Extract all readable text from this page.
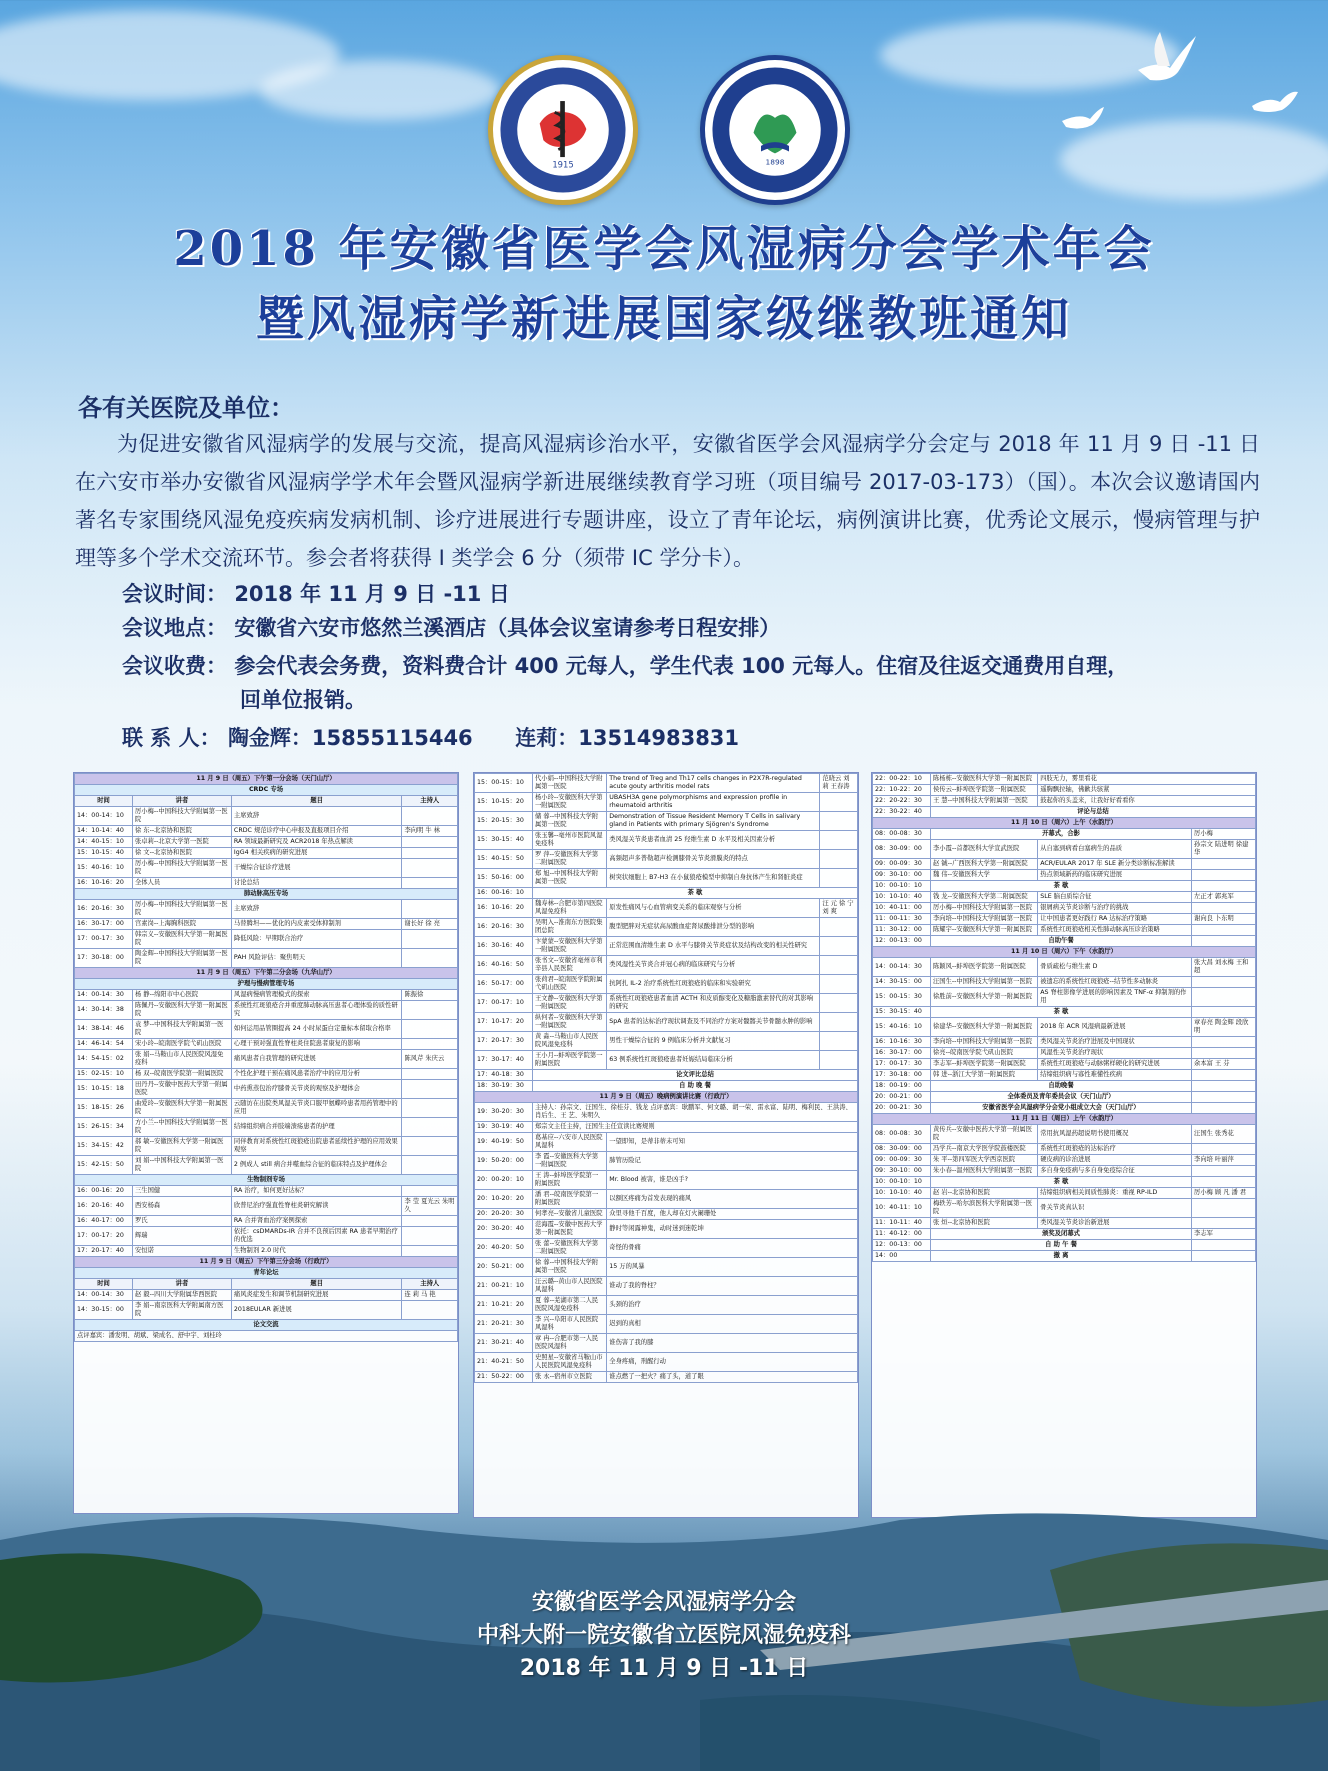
1915	1898
2018 年安徽省医学会风湿病分会学术年会
暨风湿病学新进展国家级继教班通知
各有关医院及单位：
为促进安徽省风湿病学的发展与交流，提高风湿病诊治水平，安徽省医学会风湿病学分会定与 2018 年 11 月 9 日 -11 日在六安市举办安徽省风湿病学学术年会暨风湿病学新进展继续教育学习班（项目编号 2017-03-173）（国）。本次会议邀请国内著名专家围绕风湿免疫疾病发病机制、诊疗进展进行专题讲座，设立了青年论坛，病例演讲比赛，优秀论文展示，慢病管理与护理等多个学术交流环节。参会者将获得 I 类学会 6 分（须带 IC 学分卡）。
会议时间： 2018 年 11 月 9 日 -11 日
会议地点： 安徽省六安市悠然兰溪酒店（具体会议室请参考日程安排）
会议收费： 参会代表会务费，资料费合计 400 元每人，学生代表 100 元每人。住宿及往返交通费用自理，
回单位报销。
联 系 人： 陶金辉：15855115446 连莉：13514983831
11 月 9 日（周五）下午第一分会场（天门山厅）			
CRDC 专场			
时间	讲者	题目	主持人
14：00-14：10	厉小梅--中国科技大学附属第一医院	主席致辞	
14：10-14：40	徐 东--北京协和医院	CRDC 规范诊疗中心申报及直报项目介绍	李向明 牛 林
14：40-15：10	张卓莉--北京大学第一医院	RA 领域最新研究及 ACR2018 年热点解读	
15：10-15：40	徐 文--北京协和医院	IgG4 相关疾病的研究进展	
15：40-16：10	厉小梅--中国科技大学附属第一医院	干燥综合征诊疗进展	
16：10-16：20	全体人员	讨论总结	
肺动脉高压专场			
16：20-16：30	厉小梅--中国科技大学附属第一医院	主席致辞	
16：30-17：00	宫素岗--上海胸科医院	马替腾坦——优化的内皮素受体抑制剂	谢长好 徐 亮
17：00-17：30	韩宗义--安徽医科大学第一附属医院	降低风险：早期联合治疗	
17：30-18：00	陶金辉--中国科技大学附属第一医院	PAH 风险评估：聚焦明天	
11 月 9 日（周五）下午第二分会场（九华山厅）			
护理与慢病管理专场			
14：00-14：30	杨 静--绵阳市中心医院	风湿病慢病管理模式的探索	陈振徐
14：30-14：38	陈佩丹--安徽医科大学第一附属医院	系统性红斑狼疮合并重度肺动脉高压患者心理体验的质性研究	
14：38-14：46	袁 梦--中国科技大学附属第一医院	如何运用品管圈提高 24 小时尿蛋白定量标本留取合格率	
14：46-14：54	宋小玲--皖南医学院弋矶山医院	心理干预对强直性脊柱炎住院患者康复的影响	
14：54-15：02	张 娟--马鞍山市人民医院风湿免疫科	痛风患者自我管理的研究进展	陈风芹 朱庆云
15：02-15：10	杨 双--皖南医学院第一附属医院	个性化护理干预在痛风患者治疗中的应用分析	
15：10-15：18	田丹丹--安徽中医药大学第一附属医院	中药熏蒸包治疗膝骨关节炎的观察及护理体会	
15：18-15：26	曲爱玲--安徽医科大学第一附属医院	云随访在出院类风湿关节炎口服甲氨蝶呤患者用药管理中的应用	
15：26-15：34	方小兰--中国科技大学附属第一医院	结缔组织病合并肢端溃疡患者的护理	
15：34-15：42	郝 敏--安徽医科大学第一附属医院	同伴教育对系统性红斑狼疮出院患者延续性护理的应用效果观察	
15：42-15：50	刘 娟--中国科技大学附属第一医院	2 例成人 still 病合并噬血综合征的临床特点及护理体会	
生物制剂专场			
16：00-16：20	三生国健	RA 治疗，如何更好达标？	
16：20-16：40	西安杨森	欣普尼治疗强直性脊柱炎研究解读	李 莹 夏光云 朱明久
16：40-17：00	罗氏	RA 合并肾血治疗案例探索	
17：00-17：20	辉瑞	依托：csDMARDs-IR 合并不良预后因素 RA 患者早期治疗的优选	
17：20-17：40	安恒诺	生物制剂 2.0 时代	
11 月 9 日（周五）下午第三分会场（行政厅）			
青年论坛			
时间	讲者	题目	主持人
14：00-14：30	赵 毅--四川大学附属华西医院	痛风炎症发生和调节机制研究进展	连 莉 马 艳
14：30-15：00	李 娟--南京医科大学附属南方医院	2018EULAR 新进展	
论文交流			
点评嘉宾：潘发明、胡斌、梁成名、舒中宇、刘桂玲			
15：00-15：10	代小娟--中国科技大学附属第一医院	The trend of Treg and Th17 cells changes in P2X7R-regulated acute gouty arthritis model rats	范晓云 刘 莉 王春涛
15：10-15：20	杨小玲--安徽医科大学第一附属医院	UBASH3A gene polymorphisms and expression profile in rheumatoid arthritis	
15：20-15：30	储 蓉--中国科技大学附属第一医院	Demonstration of Tissue Resident Memory T Cells in salivary gland in Patients with primary Sjögren's Syndrome	
15：30-15：40	张玉馨--亳州市医院风湿免疫科	类风湿关节炎患者血清 25 羟维生素 D 水平及相关因素分析	
15：40-15：50	罗 萍--安徽医科大学第二附属医院	高频超声多普勒超声检测膝骨关节炎滑膜炎的特点	
15：50-16：00	郑 旭--中国科技大学附属第一医院	树突状细胞上 B7-H3 在小鼠狼疮模型中抑制自身抗体产生和肾脏炎症	
16：00-16：10	茶 歇		
16：10-16：20	魏寿林--合肥市第四医院风湿免疫科	原发性痛风与心血管病变关系的临床观察与分析	汪 元 徐 宁 刘 爽
16：20-16：30	吴明入--淮南东方医院集团总院	腹型肥胖对无症状高尿酸血症肾尿酸排泄分型的影响	
16：30-16：40	卞蒙蒙--安徽医科大学第一附属医院	正常范围血清维生素 D 水平与膝骨关节炎症状及结构改变的相关性研究	
16：40-16：50	张书文--安徽省亳州市利辛县人民医院	类风湿性关节炎合并冠心病的临床研究与分析	
16：50-17：00	张荷君--皖南医学院附属弋矶山医院	抗阿扎 IL-2 治疗系统性红斑狼疮的临床和实验研究	
17：00-17：10	王文静--安徽医科大学第一附属医院	系统性红斑狼疮患者血清 ACTH 和皮质醇变化及糖脂激素替代的对其影响的研究	
17：10-17：20	纵何者--安徽医科大学第一附属医院	SpA 患者的达标治疗现状调查及不同治疗方案对髋髂关节骨髓水肿的影响	
17：20-17：30	黄 淼--马鞍山市人民医院风湿免疫科	男性干燥综合征的 9 例临床分析并文献复习	
17：30-17：40	王小月--蚌埠医学院第一附属医院	63 例系统性红斑狼疮患者妊娠结局临床分析	
17：40-18：30	论文评比总结		
18：30-19：30	自 助 晚 餐		
11 月 9 日（周五）晚病例演讲比赛（行政厅）			
19：30-20：30	主持人：孙宗文、汪国生、徐桂芬、钱龙 点评嘉宾：耿鹏军、何文璐、胡一荣、雷永富、陆明、梅利民、王洪涛、肖后生、王 艺、朱明久		
19：30-19：40	郑宗文主任主持，汪国生主任宣读比赛规则		
19：40-19：50	葛基应--六安市人民医院风湿科	一望即知，是蒂非蒂未可知	
19：50-20：00	李 霞--安徽医科大学第一附属医院	肺管历险记	
20：00-20：10	王 涛--蚌埠医学院第一附属医院	Mr. Blood 被害，谁是凶手?	
20：10-20：20	潘 君--皖南医学院第一附属医院	以额区疼痛为首发表现的痛风	
20：20-20：30	何孝亮--安徽省儿童医院	众里寻他千百度，他人却在灯火阑珊处	
20：30-20：40	范海霞--安徽中医药大学第一附属医院	静时等闲露神鬼，动时迷到迷乾坤	
20：40-20：50	张 蕾--安徽医科大学第二附属医院	奇怪的骨痛	
20：50-21：00	徐 蓉--中国科技大学附属第一医院	15 万的风暴	
21：00-21：10	汪云璐--黄山市人民医院风湿科	谁动了我的脊柱？	
21：10-21：20	夏 蓉--芜湖市第二人民医院风湿免疫科	头颈的治疗	
21：20-21：30	李 兴--阜阳市人民医院风湿科	迟到的真相	
21：30-21：40	章 冉--合肥市第一人民医院风湿科	谁伤害了我的膝	
21：40-21：50	史照星--安徽省马鞍山市人民医院风湿免疫科	全身疼痛，刑醒行动	
21：50-22：00	张 永--宿州市立医院	谁点燃了一把火？痛了头，道了眼	
22：00-22：10	陈杨栋--安徽医科大学第一附属医院	四肢无力，雾里看花	
22：10-22：20	侯传云--蚌埠医学院第一附属医院	遥胸飘拉轴，佛歉共骇紧	
22：20-22：30	王 慧--中国科技大学附属第一医院	鼓起你的头盖来，让我好好看看你	
22：30-22：40	评论与总结		
11 月 10 日（周六）上午（水韵厅）			
08：00-08：30	开幕式，合影		厉小梅
08：30-09：00	李小霞--首都医科大学宣武医院	从自塞到病看白塞病生的品质	孙宗文 陆进明 徐建华
09：00-09：30	赵 铖--广西医科大学第一附属医院	ACR/EULAR 2017 年 SLE 新分类诊断标准解读	
09：30-10：00	魏 伟--安徽医科大学	热点领域新药的临床研究进展	
10：00-10：10	茶 歇		
10：10-10：40	钱 龙--安徽医科大学第二附属医院	SLE 脑白质综合征	左正才 郭兆军
10：40-11：00	厉小梅--中国科技大学附属第一医院	银屑病关节炎诊断与治疗的挑战	
11：00-11：30	李向培--中国科技大学附属第一医院	让中国患者更好践行 RA 达标治疗策略	谢向良 卜东明
11：30-12：00	陈耀宇--安徽医科大学第一附属医院	系统性红斑狼疮相关性肺动脉高压诊治策略	
12：00-13：00	自助午餐		
11 月 10 日（周六）下午（水韵厅）			
14：00-14：30	陈颖风--蚌埠医学院第一附属医院	骨质疏松与维生素 D	张大昌 刘永梅 王和超
14：30-15：00	汪国生--中国科技大学附属第一医院	被遗忘的系统性红斑狼疮--结节性多动脉炎	
15：00-15：30	徐胜前--安徽医科大学第一附属医院	AS 脊柱影像学进展的影响因素及 TNF-α 抑制剂的作用	
15：30-15：40	茶 歇		
15：40-16：10	徐建华--安徽医科大学第一附属医院	2018 年 ACR 风湿病最新进展	章春亮 陶金辉 段欣明
16：10-16：30	李向培--中国科技大学附属第一医院	类风湿关节炎治疗进展及中国现状	
16：30-17：00	徐亮--皖南医学院弋矶山医院	风湿性关节炎治疗现状	
17：00-17：30	李志军--蚌埠医学院第一附属医院	系统性红斑狼疮与动脉粥样硬化的研究进展	余本富 王 芬
17：30-18：00	韩 进--浙江大学第一附属医院	结缔组织病与寡性难懂性疾病	
18：00-19：00	自助晚餐		
20：00-21：00	全体委员及青年委员会议（天门山厅）		
20：00-21：30	安徽省医学会风湿病学分会党小组成立大会（天门山厅）		
11 月 11 日（周日）上午（水韵厅）			
08：00-08：30	黄传兵--安徽中医药大学第一附属医院	常用抗风湿药超说明书使用概况	汪国生 张秀花
08：30-09：00	冯学兵--南京大学医学院鼓楼医院	系统性红斑狼疮的达标治疗	
09：00-09：30	朱 平--第四军医大学西京医院	硬皮病的诊治进展	李向培 叶丽萍
09：30-10：00	朱小春--温州医科大学附属第一医院	多自身免疫病与多自身免疫综合征	
10：00-10：10	茶 歇		
10：10-10：40	赵 岩--北京协和医院	结缔组织病相关间质性肺炎：重视 RP-ILD	厉小梅 顾 凡 潘 君
10：40-11：10	梅轶芳--哈尔滨医科大学附属第一医院	骨关节炎真认识	
11：10-11：40	张 烜--北京协和医院	类风湿关节炎诊治新进展	
11：40-12：00	颁奖及闭幕式		李志军
12：00-13：00	自 助 午 餐		
14：00	撤 离		
安徽省医学会风湿病学分会
中科大附一院安徽省立医院风湿免疫科
2018 年 11 月 9 日 -11 日
